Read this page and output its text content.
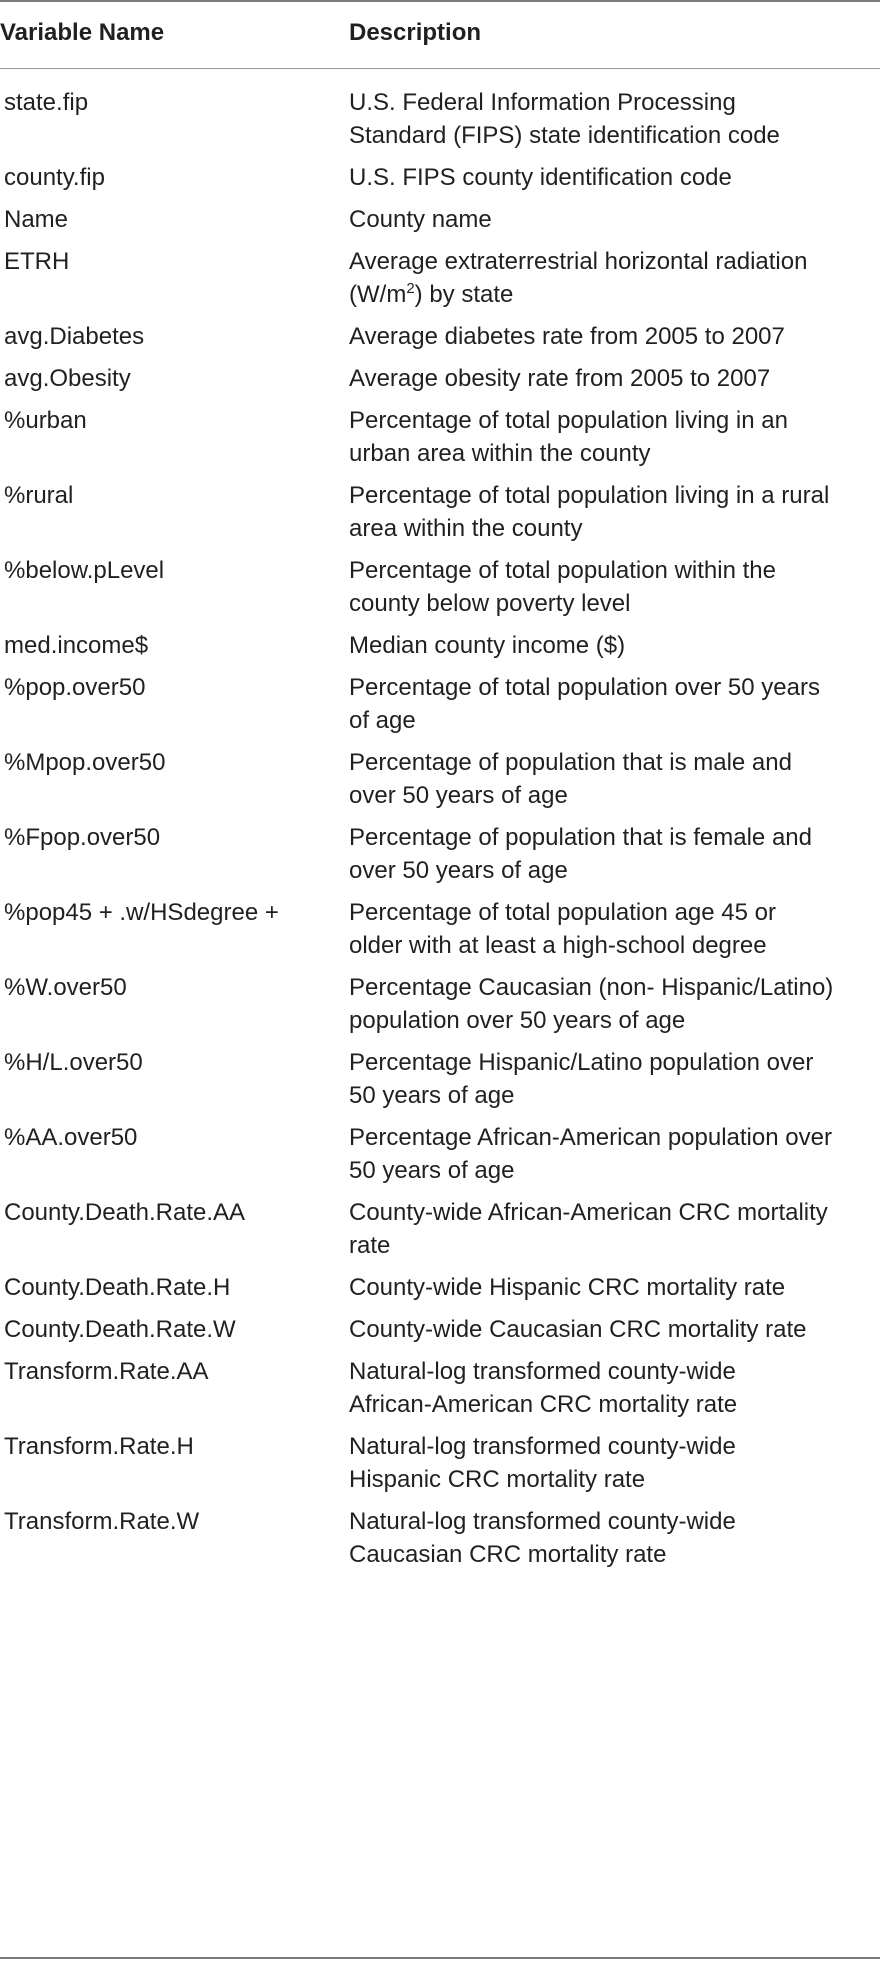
Variable Name	Description
state.fip	U.S. Federal Information Processing
Standard (FIPS) state identification code
county.fip	U.S. FIPS county identification code
Name	County name
ETRH	Average extraterrestrial horizontal radiation
$(W/m^2)$ by state
avg.Diabetes	Average diabetes rate from 2005 to 2007
avg.Obesity	Average obesity rate from 2005 to 2007
%urban	Percentage of total population living in an
urban area within the county
%rural	Percentage of total population living in a rural
area within the county
%below.pLevel	Percentage of total population within the
county below poverty level
med.income$	Median county income ($)
%pop.over50	Percentage of total population over 50 years
of age
%Mpop.over50	Percentage of population that is male and
over 50 years of age
%Fpop.over50	Percentage of population that is female and
over 50 years of age
%pop45 + .w/HSdegree +	Percentage of total population age 45 or
older with at least a high-school degree
%W.over50	Percentage Caucasian (non- Hispanic/Latino)
population over 50 years of age
%H/L.over50	Percentage Hispanic/Latino population over
50 years of age
%AA.over50	Percentage African-American population over
50 years of age
County.Death.Rate.AA	County-wide African-American CRC mortality
rate
County.Death.Rate.H	County-wide Hispanic CRC mortality rate
County.Death.Rate.W	County-wide Caucasian CRC mortality rate
Transform.Rate.AA	Natural-log transformed county-wide
African-American CRC mortality rate
Transform.Rate.H	Natural-log transformed county-wide
Hispanic CRC mortality rate
Transform.Rate.W	Natural-log transformed county-wide
Caucasian CRC mortality rate
